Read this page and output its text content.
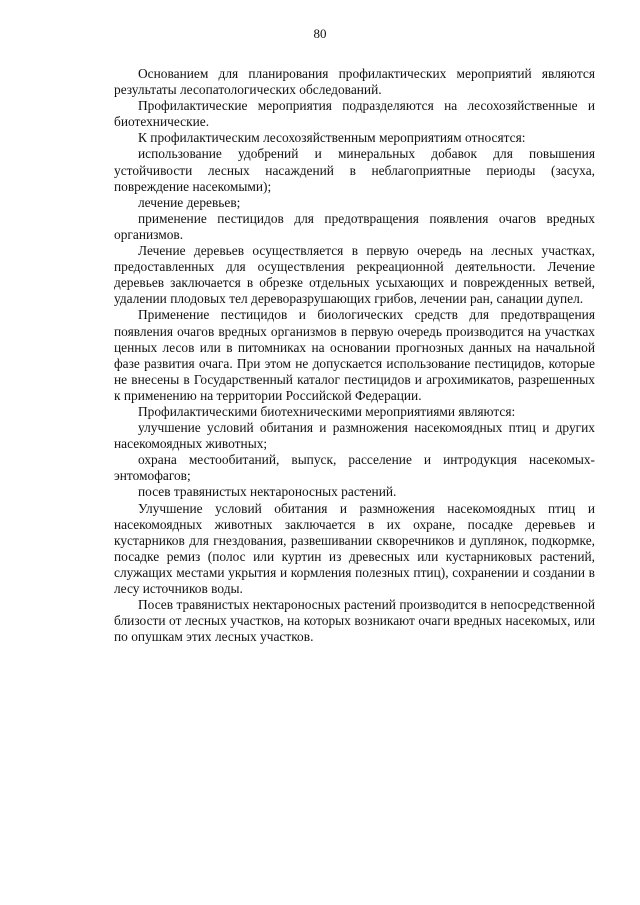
80

Основанием для планирования профилактических мероприятий являются результаты лесопатологических обследований.

Профилактические мероприятия подразделяются на лесохозяйственные и биотехнические.

К профилактическим лесохозяйственным мероприятиям относятся:

использование удобрений и минеральных добавок для повышения устойчивости лесных насаждений в неблагоприятные периоды (засуха, повреждение насекомыми);

лечение деревьев;

применение пестицидов для предотвращения появления очагов вредных организмов.

Лечение деревьев осуществляется в первую очередь на лесных участках, предоставленных для осуществления рекреационной деятельности. Лечение деревьев заключается в обрезке отдельных усыхающих и поврежденных ветвей, удалении плодовых тел дереворазрушающих грибов, лечении ран, санации дупел.

Применение пестицидов и биологических средств для предотвращения появления очагов вредных организмов в первую очередь производится на участках ценных лесов или в питомниках на основании прогнозных данных на начальной фазе развития очага. При этом не допускается использование пестицидов, которые не внесены в Государственный каталог пестицидов и агрохимикатов, разрешенных к применению на территории Российской Федерации.

Профилактическими биотехническими мероприятиями являются:

улучшение условий обитания и размножения насекомоядных птиц и других насекомоядных животных;

охрана местообитаний, выпуск, расселение и интродукция насекомых-энтомофагов;

посев травянистых нектароносных растений.

Улучшение условий обитания и размножения насекомоядных птиц и насекомоядных животных заключается в их охране, посадке деревьев и кустарников для гнездования, развешивании скворечников и дуплянок, подкормке, посадке ремиз (полос или куртин из древесных или кустарниковых растений, служащих местами укрытия и кормления полезных птиц), сохранении и создании в лесу источников воды.

Посев травянистых нектароносных растений производится в непосредственной близости от лесных участков, на которых возникают очаги вредных насекомых, или по опушкам этих лесных участков.
